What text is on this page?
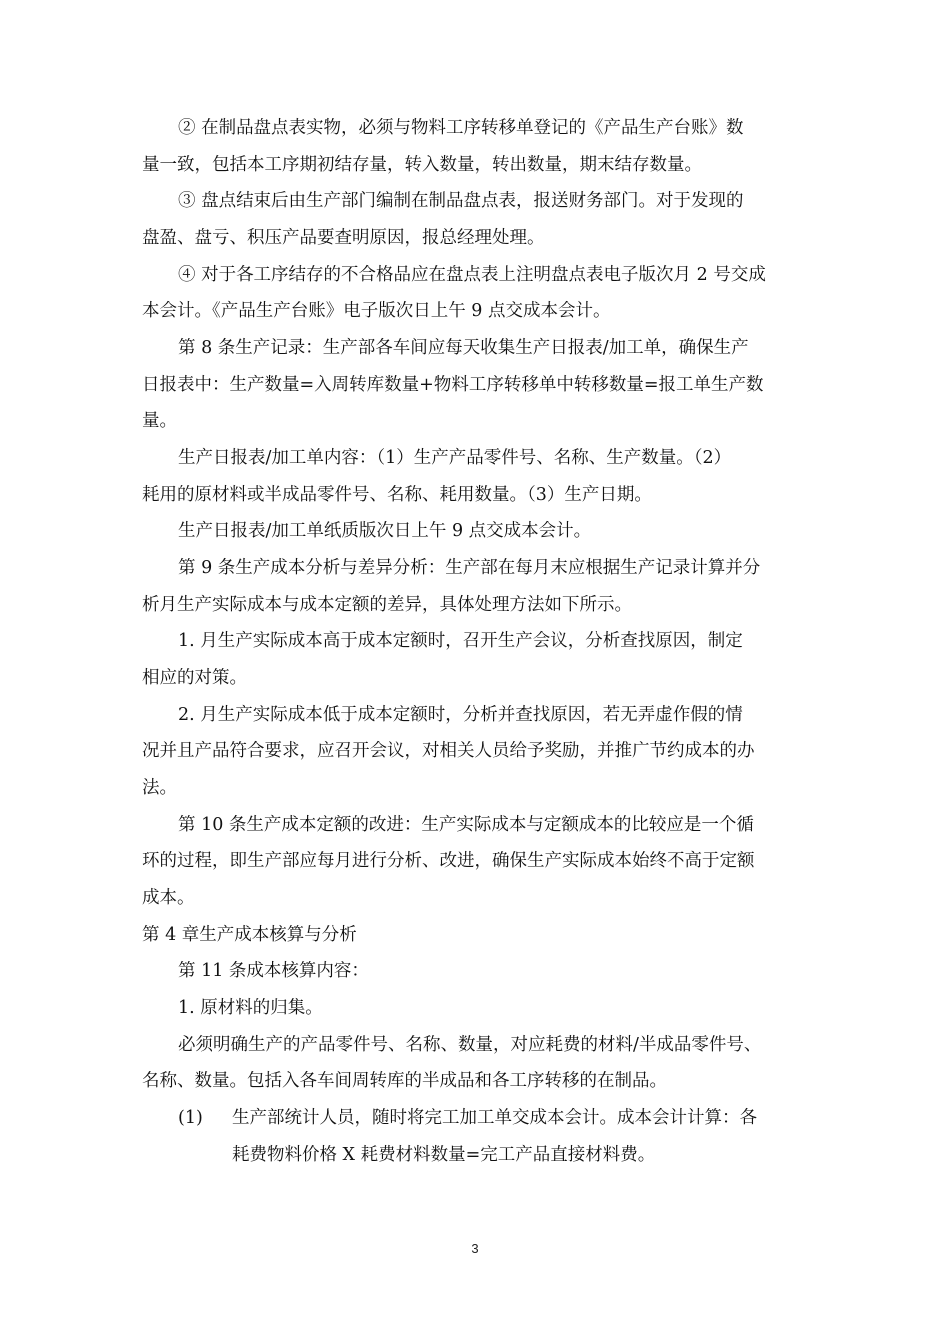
② 在制品盘点表实物，必须与物料工序转移单登记的《产品生产台账》数
量一致，包括本工序期初结存量，转入数量，转出数量，期末结存数量。
③ 盘点结束后由生产部门编制在制品盘点表，报送财务部门。对于发现的
盘盈、盘亏、积压产品要查明原因，报总经理处理。
④ 对于各工序结存的不合格品应在盘点表上注明盘点表电子版次月 2 号交成
本会计。《产品生产台账》电子版次日上午 9 点交成本会计。
第 8 条生产记录：生产部各车间应每天收集生产日报表/加工单，确保生产
日报表中：生产数量=入周转库数量+物料工序转移单中转移数量=报工单生产数
量。
生产日报表/加工单内容：（1）生产产品零件号、名称、生产数量。（2）
耗用的原材料或半成品零件号、名称、耗用数量。（3）生产日期。
生产日报表/加工单纸质版次日上午 9 点交成本会计。
第 9 条生产成本分析与差异分析：生产部在每月末应根据生产记录计算并分
析月生产实际成本与成本定额的差异，具体处理方法如下所示。
1. 月生产实际成本高于成本定额时，召开生产会议，分析查找原因，制定
相应的对策。
2. 月生产实际成本低于成本定额时，分析并查找原因，若无弄虚作假的情
况并且产品符合要求，应召开会议，对相关人员给予奖励，并推广节约成本的办
法。
第 10 条生产成本定额的改进：生产实际成本与定额成本的比较应是一个循
环的过程，即生产部应每月进行分析、改进，确保生产实际成本始终不高于定额
成本。
第 4 章生产成本核算与分析
第 11 条成本核算内容：
1. 原材料的归集。
必须明确生产的产品零件号、名称、数量，对应耗费的材料/半成品零件号、
名称、数量。包括入各车间周转库的半成品和各工序转移的在制品。
(1) 生产部统计人员，随时将完工加工单交成本会计。成本会计计算：各
耗费物料价格 X 耗费材料数量=完工产品直接材料费。
3
